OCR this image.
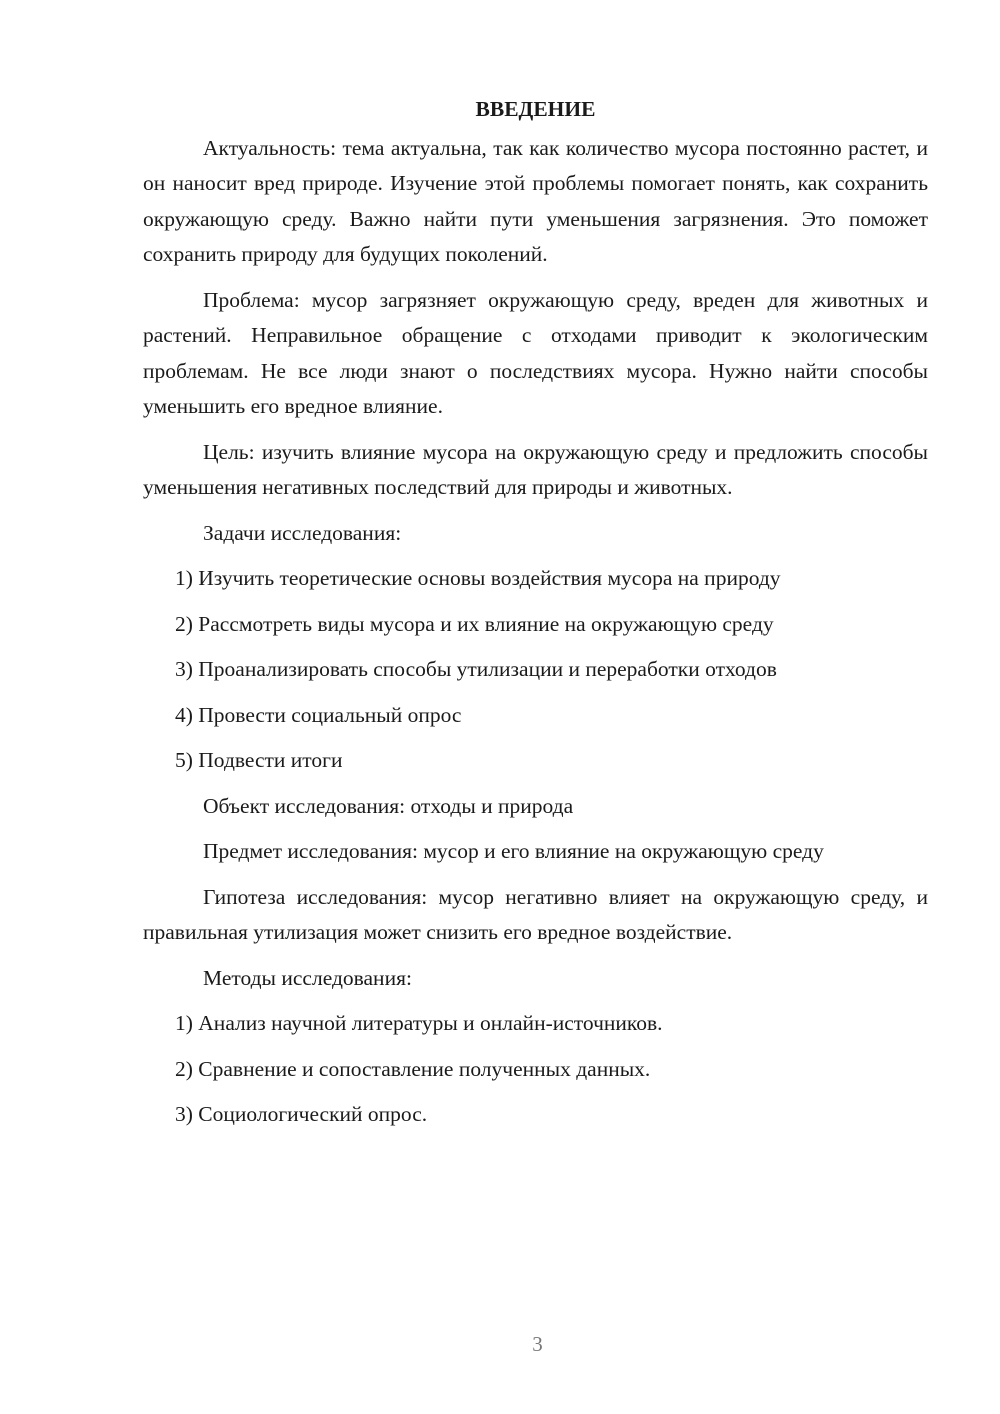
ВВЕДЕНИЕ
Актуальность: тема актуальна, так как количество мусора постоянно растет, и он наносит вред природе. Изучение этой проблемы помогает понять, как сохранить окружающую среду. Важно найти пути уменьшения загрязнения. Это поможет сохранить природу для будущих поколений.
Проблема: мусор загрязняет окружающую среду, вреден для животных и растений. Неправильное обращение с отходами приводит к экологическим проблемам. Не все люди знают о последствиях мусора. Нужно найти способы уменьшить его вредное влияние.
Цель: изучить влияние мусора на окружающую среду и предложить способы уменьшения негативных последствий для природы и животных.
Задачи исследования:
1) Изучить теоретические основы воздействия мусора на природу
2) Рассмотреть виды мусора и их влияние на окружающую среду
3) Проанализировать способы утилизации и переработки отходов
4) Провести социальный опрос
5) Подвести итоги
Объект исследования: отходы и природа
Предмет исследования: мусор и его влияние на окружающую среду
Гипотеза исследования: мусор негативно влияет на окружающую среду, и правильная утилизация может снизить его вредное воздействие.
Методы исследования:
1) Анализ научной литературы и онлайн-источников.
2) Сравнение и сопоставление полученных данных.
3) Социологический опрос.
3
